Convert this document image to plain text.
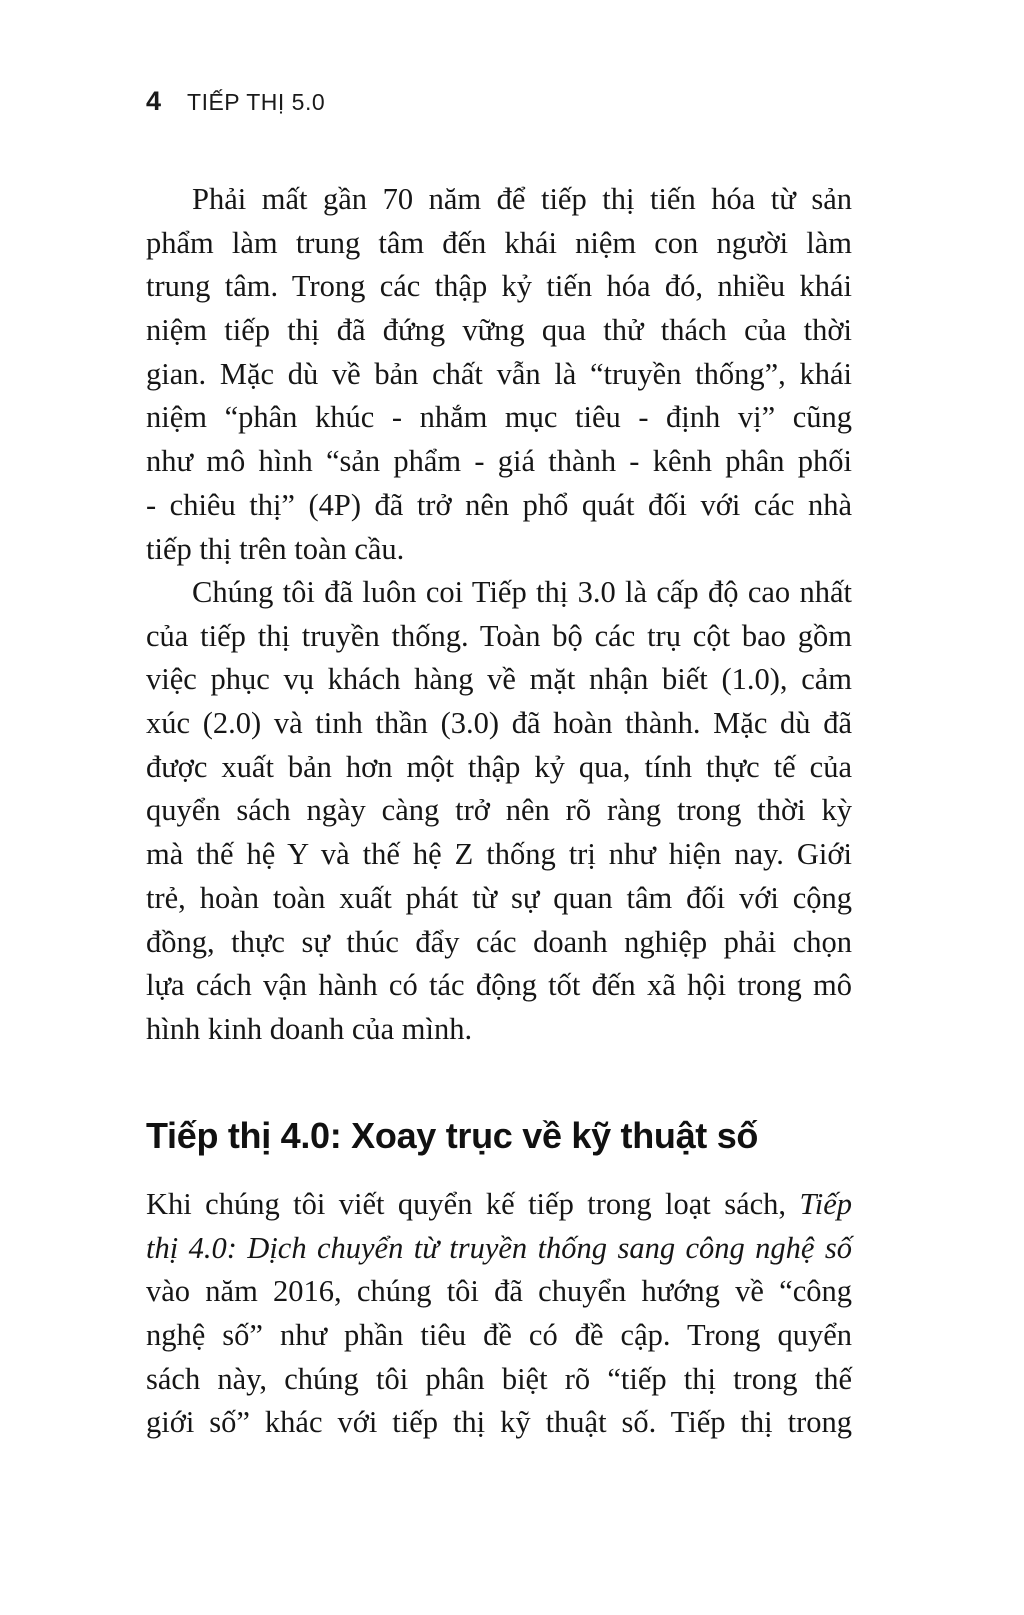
4 TIẾP THỊ 5.0
Phải mất gần 70 năm để tiếp thị tiến hóa từ sản
phẩm làm trung tâm đến khái niệm con người làm
trung tâm. Trong các thập kỷ tiến hóa đó, nhiều khái
niệm tiếp thị đã đứng vững qua thử thách của thời
gian. Mặc dù về bản chất vẫn là “truyền thống”, khái
niệm “phân khúc - nhắm mục tiêu - định vị” cũng
như mô hình “sản phẩm - giá thành - kênh phân phối
- chiêu thị” (4P) đã trở nên phổ quát đối với các nhà
tiếp thị trên toàn cầu.
Chúng tôi đã luôn coi Tiếp thị 3.0 là cấp độ cao nhất
của tiếp thị truyền thống. Toàn bộ các trụ cột bao gồm
việc phục vụ khách hàng về mặt nhận biết (1.0), cảm
xúc (2.0) và tinh thần (3.0) đã hoàn thành. Mặc dù đã
được xuất bản hơn một thập kỷ qua, tính thực tế của
quyển sách ngày càng trở nên rõ ràng trong thời kỳ
mà thế hệ Y và thế hệ Z thống trị như hiện nay. Giới
trẻ, hoàn toàn xuất phát từ sự quan tâm đối với cộng
đồng, thực sự thúc đẩy các doanh nghiệp phải chọn
lựa cách vận hành có tác động tốt đến xã hội trong mô
hình kinh doanh của mình.
Tiếp thị 4.0: Xoay trục về kỹ thuật số
Khi chúng tôi viết quyển kế tiếp trong loạt sách, Tiếp
thị 4.0: Dịch chuyển từ truyền thống sang công nghệ số
vào năm 2016, chúng tôi đã chuyển hướng về “công
nghệ số” như phần tiêu đề có đề cập. Trong quyển
sách này, chúng tôi phân biệt rõ “tiếp thị trong thế
giới số” khác với tiếp thị kỹ thuật số. Tiếp thị trong
